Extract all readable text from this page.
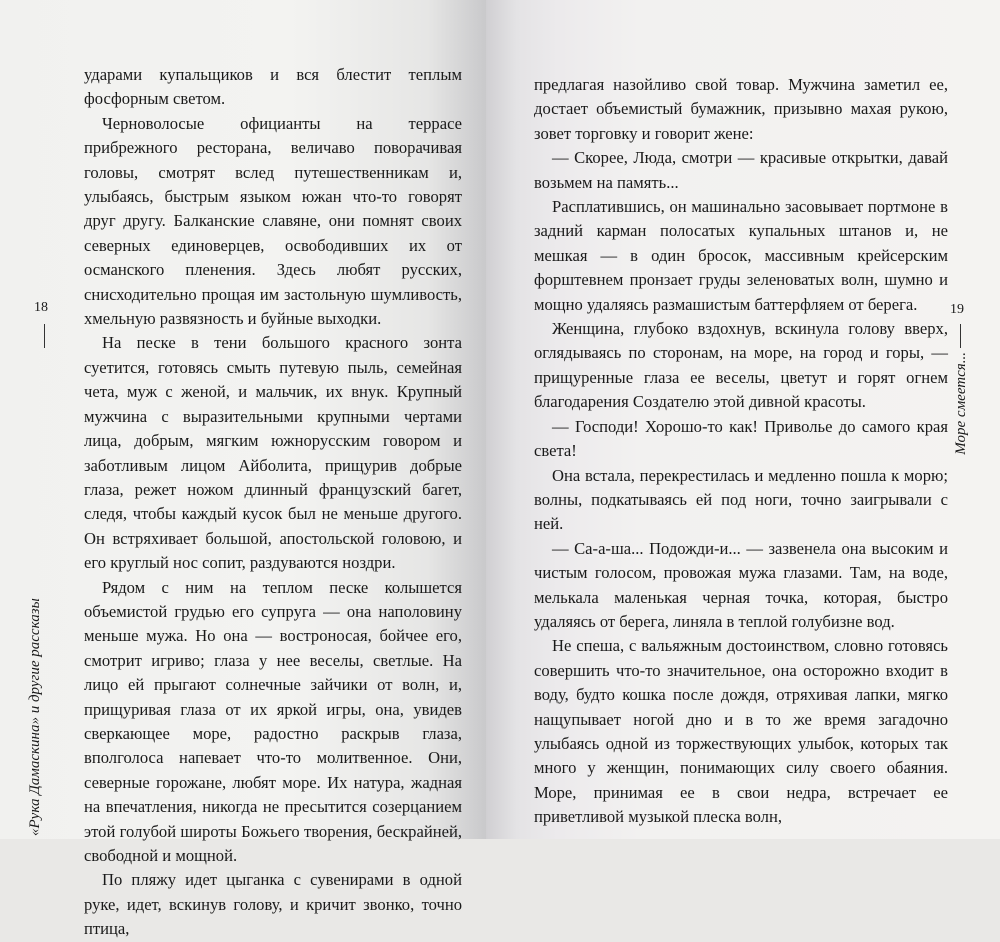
18
«Рука Дамаскина» и другие рассказы

ударами купальщиков и вся блестит теплым фосфорным светом.

Черноволосые официанты на террасе прибрежного ресторана, величаво поворачивая головы, смотрят вслед путешественникам и, улыбаясь, быстрым языком южан что-то говорят друг другу. Балканские славяне, они помнят своих северных единоверцев, освободивших их от османского пленения. Здесь любят русских, снисходительно прощая им застольную шумливость, хмельную развязность и буйные выходки.

На песке в тени большого красного зонта суетится, готовясь смыть путевую пыль, семейная чета, муж с женой, и мальчик, их внук. Крупный мужчина с выразительными крупными чертами лица, добрым, мягким южнорусским говором и заботливым лицом Айболита, прищурив добрые глаза, режет ножом длинный французский багет, следя, чтобы каждый кусок был не меньше другого. Он встряхивает большой, апостольской головою, и его круглый нос сопит, раздуваются ноздри.

Рядом с ним на теплом песке колышется объемистой грудью его супруга — она наполовину меньше мужа. Но она — востроносая, бойчее его, смотрит игриво; глаза у нее веселы, светлые. На лицо ей прыгают солнечные зайчики от волн, и, прищуривая глаза от их яркой игры, она, увидев сверкающее море, радостно раскрыв глаза, вполголоса напевает что-то молитвенное. Они, северные горожане, любят море. Их натура, жадная на впечатления, никогда не пресытится созерцанием этой голубой широты Божьего творения, бескрайней, свободной и мощной.

По пляжу идет цыганка с сувенирами в одной руке, идет, вскинув голову, и кричит звонко, точно птица,

19
Море смеется...

предлагая назойливо свой товар. Мужчина заметил ее, достает объемистый бумажник, призывно махая рукою, зовет торговку и говорит жене:

— Скорее, Люда, смотри — красивые открытки, давай возьмем на память...

Расплатившись, он машинально засовывает портмоне в задний карман полосатых купальных штанов и, не мешкая — в один бросок, массивным крейсерским форштевнем пронзает груды зеленоватых волн, шумно и мощно удаляясь размашистым баттерфляем от берега.

Женщина, глубоко вздохнув, вскинула голову вверх, оглядываясь по сторонам, на море, на город и горы, — прищуренные глаза ее веселы, цветут и горят огнем благодарения Создателю этой дивной красоты.

— Господи! Хорошо-то как! Приволье до самого края света!

Она встала, перекрестилась и медленно пошла к морю; волны, подкатываясь ей под ноги, точно заигрывали с ней.

— Са-а-ша... Подожди-и... — зазвенела она высоким и чистым голосом, провожая мужа глазами. Там, на воде, мелькала маленькая черная точка, которая, быстро удаляясь от берега, линяла в теплой голубизне вод.

Не спеша, с вальяжным достоинством, словно готовясь совершить что-то значительное, она осторожно входит в воду, будто кошка после дождя, отряхивая лапки, мягко нащупывает ногой дно и в то же время загадочно улыбаясь одной из торжествующих улыбок, которых так много у женщин, понимающих силу своего обаяния. Море, принимая ее в свои недра, встречает ее приветливой музыкой плеска волн,
